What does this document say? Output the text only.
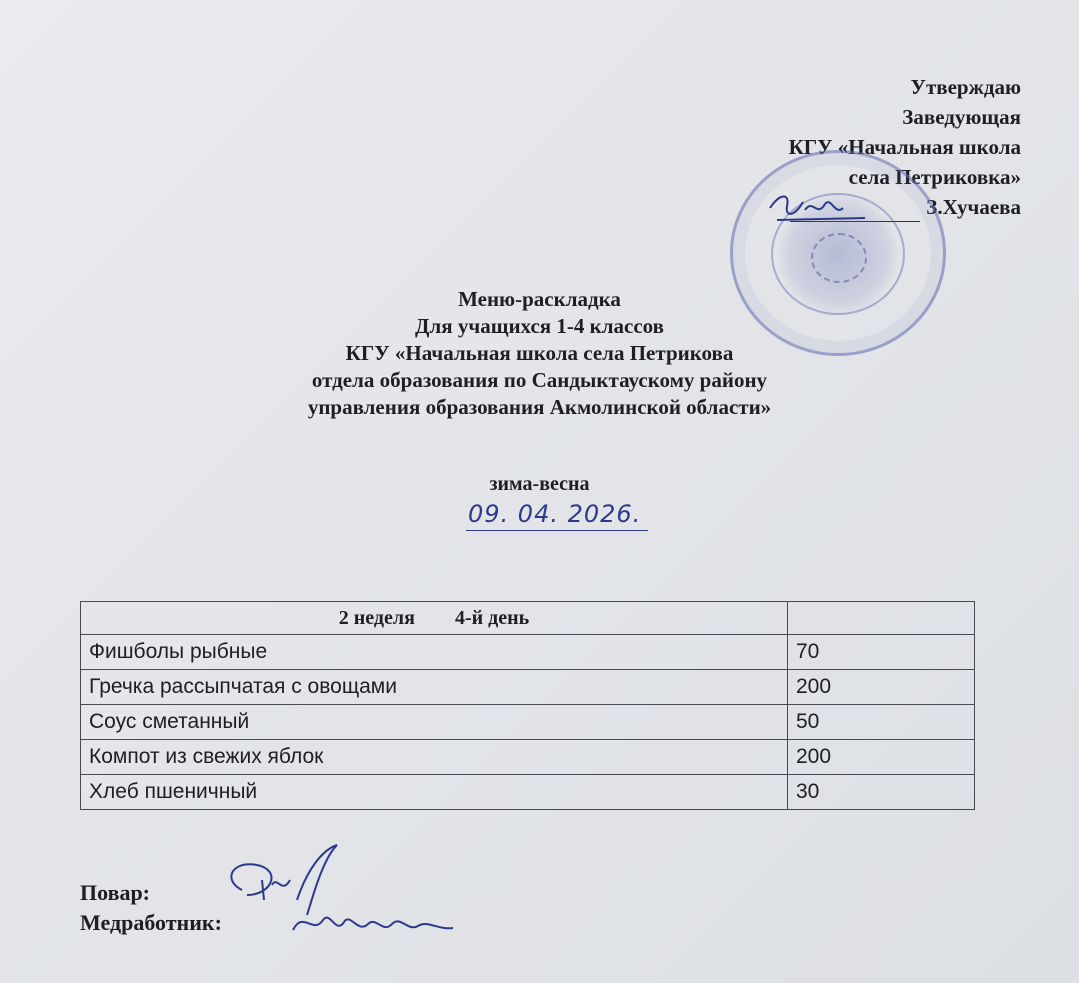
Утверждаю
Заведующая
КГУ «Начальная школа
села Петриковка»
З.Хучаева
Меню-раскладка
Для учащихся 1-4 классов
КГУ «Начальная школа села Петрикова
отдела образования по Сандыктаускому району
управления образования Акмолинской области»
зима-весна
09. 04. 2026.
2 неделя        4-й день	
Фишболы рыбные	70
Гречка рассыпчатая с овощами	200
Соус сметанный	50
Компот из свежих яблок	200
Хлеб пшеничный	30
Повар:
Медработник:
